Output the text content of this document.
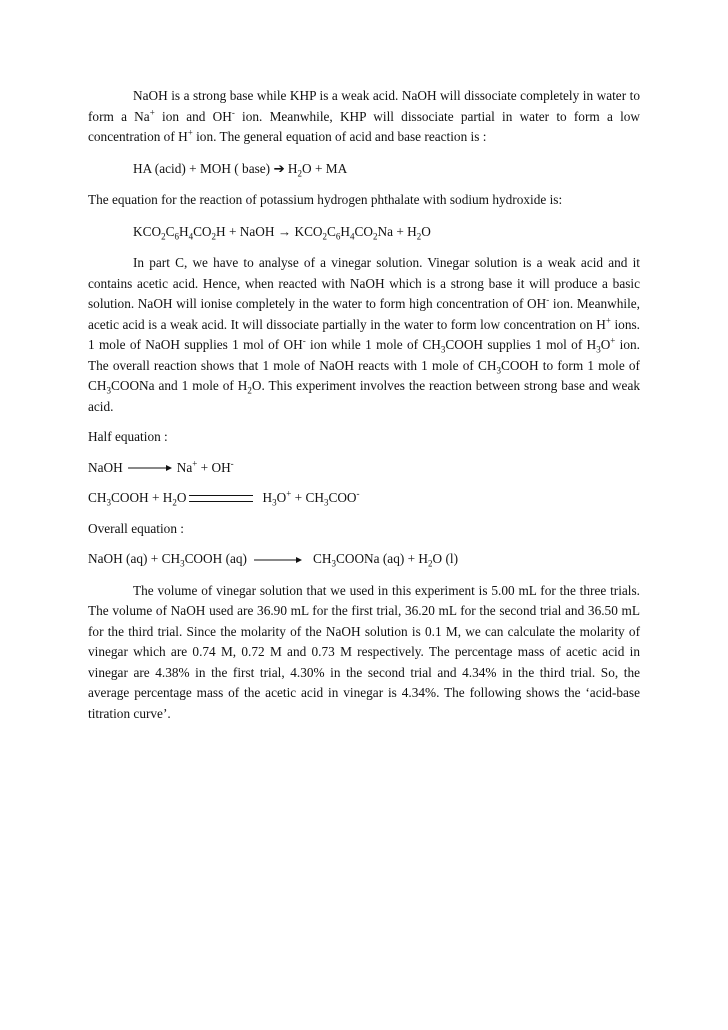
NaOH is a strong base while KHP is a weak acid. NaOH will dissociate completely in water to form a Na+ ion and OH- ion. Meanwhile, KHP will dissociate partial in water to form a low concentration of H+ ion. The general equation of acid and base reaction is :

HA (acid) + MOH ( base) ➔ $H_2O$ + MA

The equation for the reaction of potassium hydrogen phthalate with sodium hydroxide is:

$KCO_2C_6H_4CO_2H$ + NaOH → $KCO_2C_6H_4CO_2Na + H_2O$

In part C, we have to analyse of a vinegar solution. Vinegar solution is a weak acid and it contains acetic acid. Hence, when reacted with NaOH which is a strong base it will produce a basic solution. NaOH will ionise completely in the water to form high concentration of OH- ion. Meanwhile, acetic acid is a weak acid. It will dissociate partially in the water to form low concentration on H+ ions. 1 mole of NaOH supplies 1 mol of OH- ion while 1 mole of $CH_3COOH$ supplies 1 mol of $H_3O^+$ ion. The overall reaction shows that 1 mole of NaOH reacts with 1 mole of $CH_3COOH$ to form 1 mole of $CH_3COONa$ and 1 mole of $H_2O$. This experiment involves the reaction between strong base and weak acid.

Half equation :

NaOH → Na+ + OH-

$CH_3COOH + H_2O$	$H_3O^+ + CH_3COO^-$

Overall equation :

NaOH $(aq) + CH_3COOH$ $(aq) \to CH_3COONa$ $(aq) + H_2O$ (l)

The volume of vinegar solution that we used in this experiment is 5.00 mL for the three trials. The volume of NaOH used are 36.90 mL for the first trial, 36.20 mL for the second trial and 36.50 mL for the third trial. Since the molarity of the NaOH solution is 0.1 M, we can calculate the molarity of vinegar which are 0.74 M, 0.72 M and 0.73 M respectively. The percentage mass of acetic acid in vinegar are 4.38% in the first trial, 4.30% in the second trial and 4.34% in the third trial. So, the average percentage mass of the acetic acid in vinegar is 4.34%. The following shows the ‘acid-base titration curve’.
